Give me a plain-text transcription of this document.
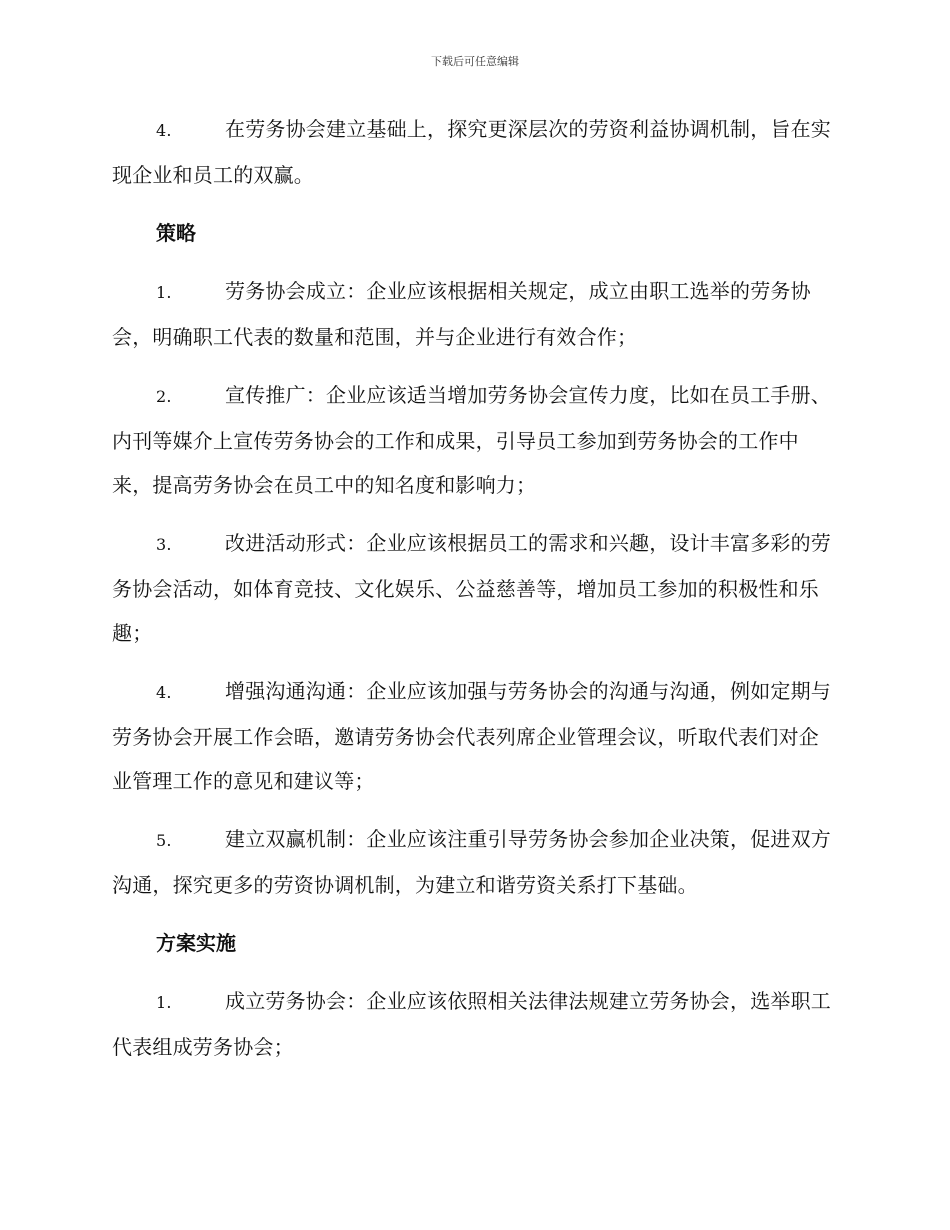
下载后可任意编辑

4.	在劳务协会建立基础上，探究更深层次的劳资利益协调机制，旨在实现企业和员工的双赢。

策略

1.	劳务协会成立：企业应该根据相关规定，成立由职工选举的劳务协会，明确职工代表的数量和范围，并与企业进行有效合作；

2.	宣传推广：企业应该适当增加劳务协会宣传力度，比如在员工手册、内刊等媒介上宣传劳务协会的工作和成果，引导员工参加到劳务协会的工作中来，提高劳务协会在员工中的知名度和影响力；

3.	改进活动形式：企业应该根据员工的需求和兴趣，设计丰富多彩的劳务协会活动，如体育竞技、文化娱乐、公益慈善等，增加员工参加的积极性和乐趣；

4.	增强沟通沟通：企业应该加强与劳务协会的沟通与沟通，例如定期与劳务协会开展工作会晤，邀请劳务协会代表列席企业管理会议，听取代表们对企业管理工作的意见和建议等；

5.	建立双赢机制：企业应该注重引导劳务协会参加企业决策，促进双方沟通，探究更多的劳资协调机制，为建立和谐劳资关系打下基础。

方案实施

1.	成立劳务协会：企业应该依照相关法律法规建立劳务协会，选举职工代表组成劳务协会；
